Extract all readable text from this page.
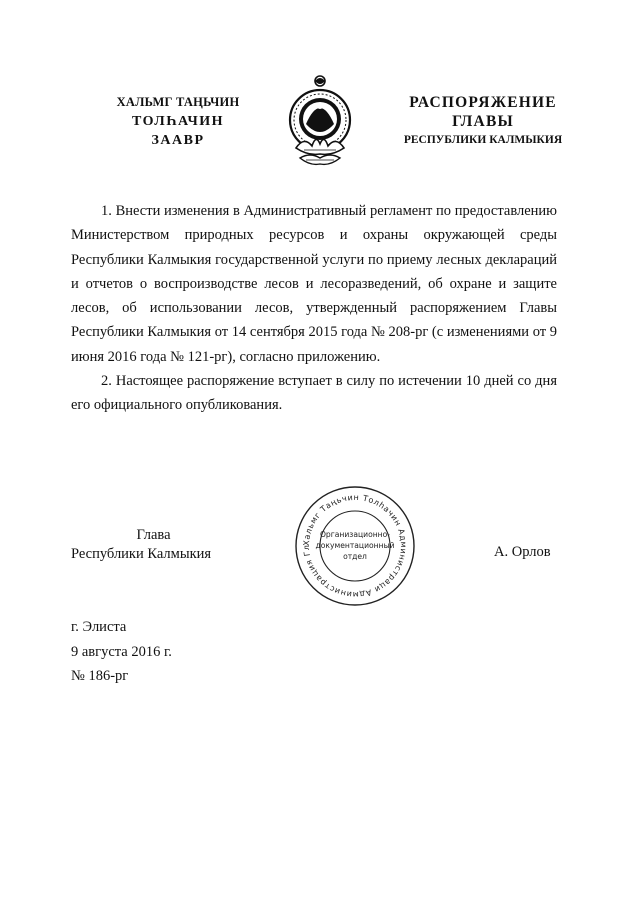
ХАЛЬМГ ТАҢЬЧИН
ТОЛҺАЧИН
ЗААВР
РАСПОРЯЖЕНИЕ
ГЛАВЫ
РЕСПУБЛИКИ КАЛМЫКИЯ

1. Внести изменения в Административный регламент по предоставлению Министерством природных ресурсов и охраны окружающей среды Республики Калмыкия государственной услуги по приему лесных деклараций и отчетов о воспроизводстве лесов и лесоразведений, об охране и защите лесов, об использовании лесов, утвержденный распоряжением Главы Республики Калмыкия от 14 сентября 2015 года № 208-рг (с изменениями от 9 июня 2016 года № 121-рг), согласно приложению.

2. Настоящее распоряжение вступает в силу по истечении 10 дней со дня его официального опубликования.

Глава
Республики Калмыкия
Хальмг Таңьчин Толһачин Администраци Администрация Гл
Организационно-
документационный
отдел	А. Орлов
г. Элиста
9 августа 2016 г.
№ 186-рг
